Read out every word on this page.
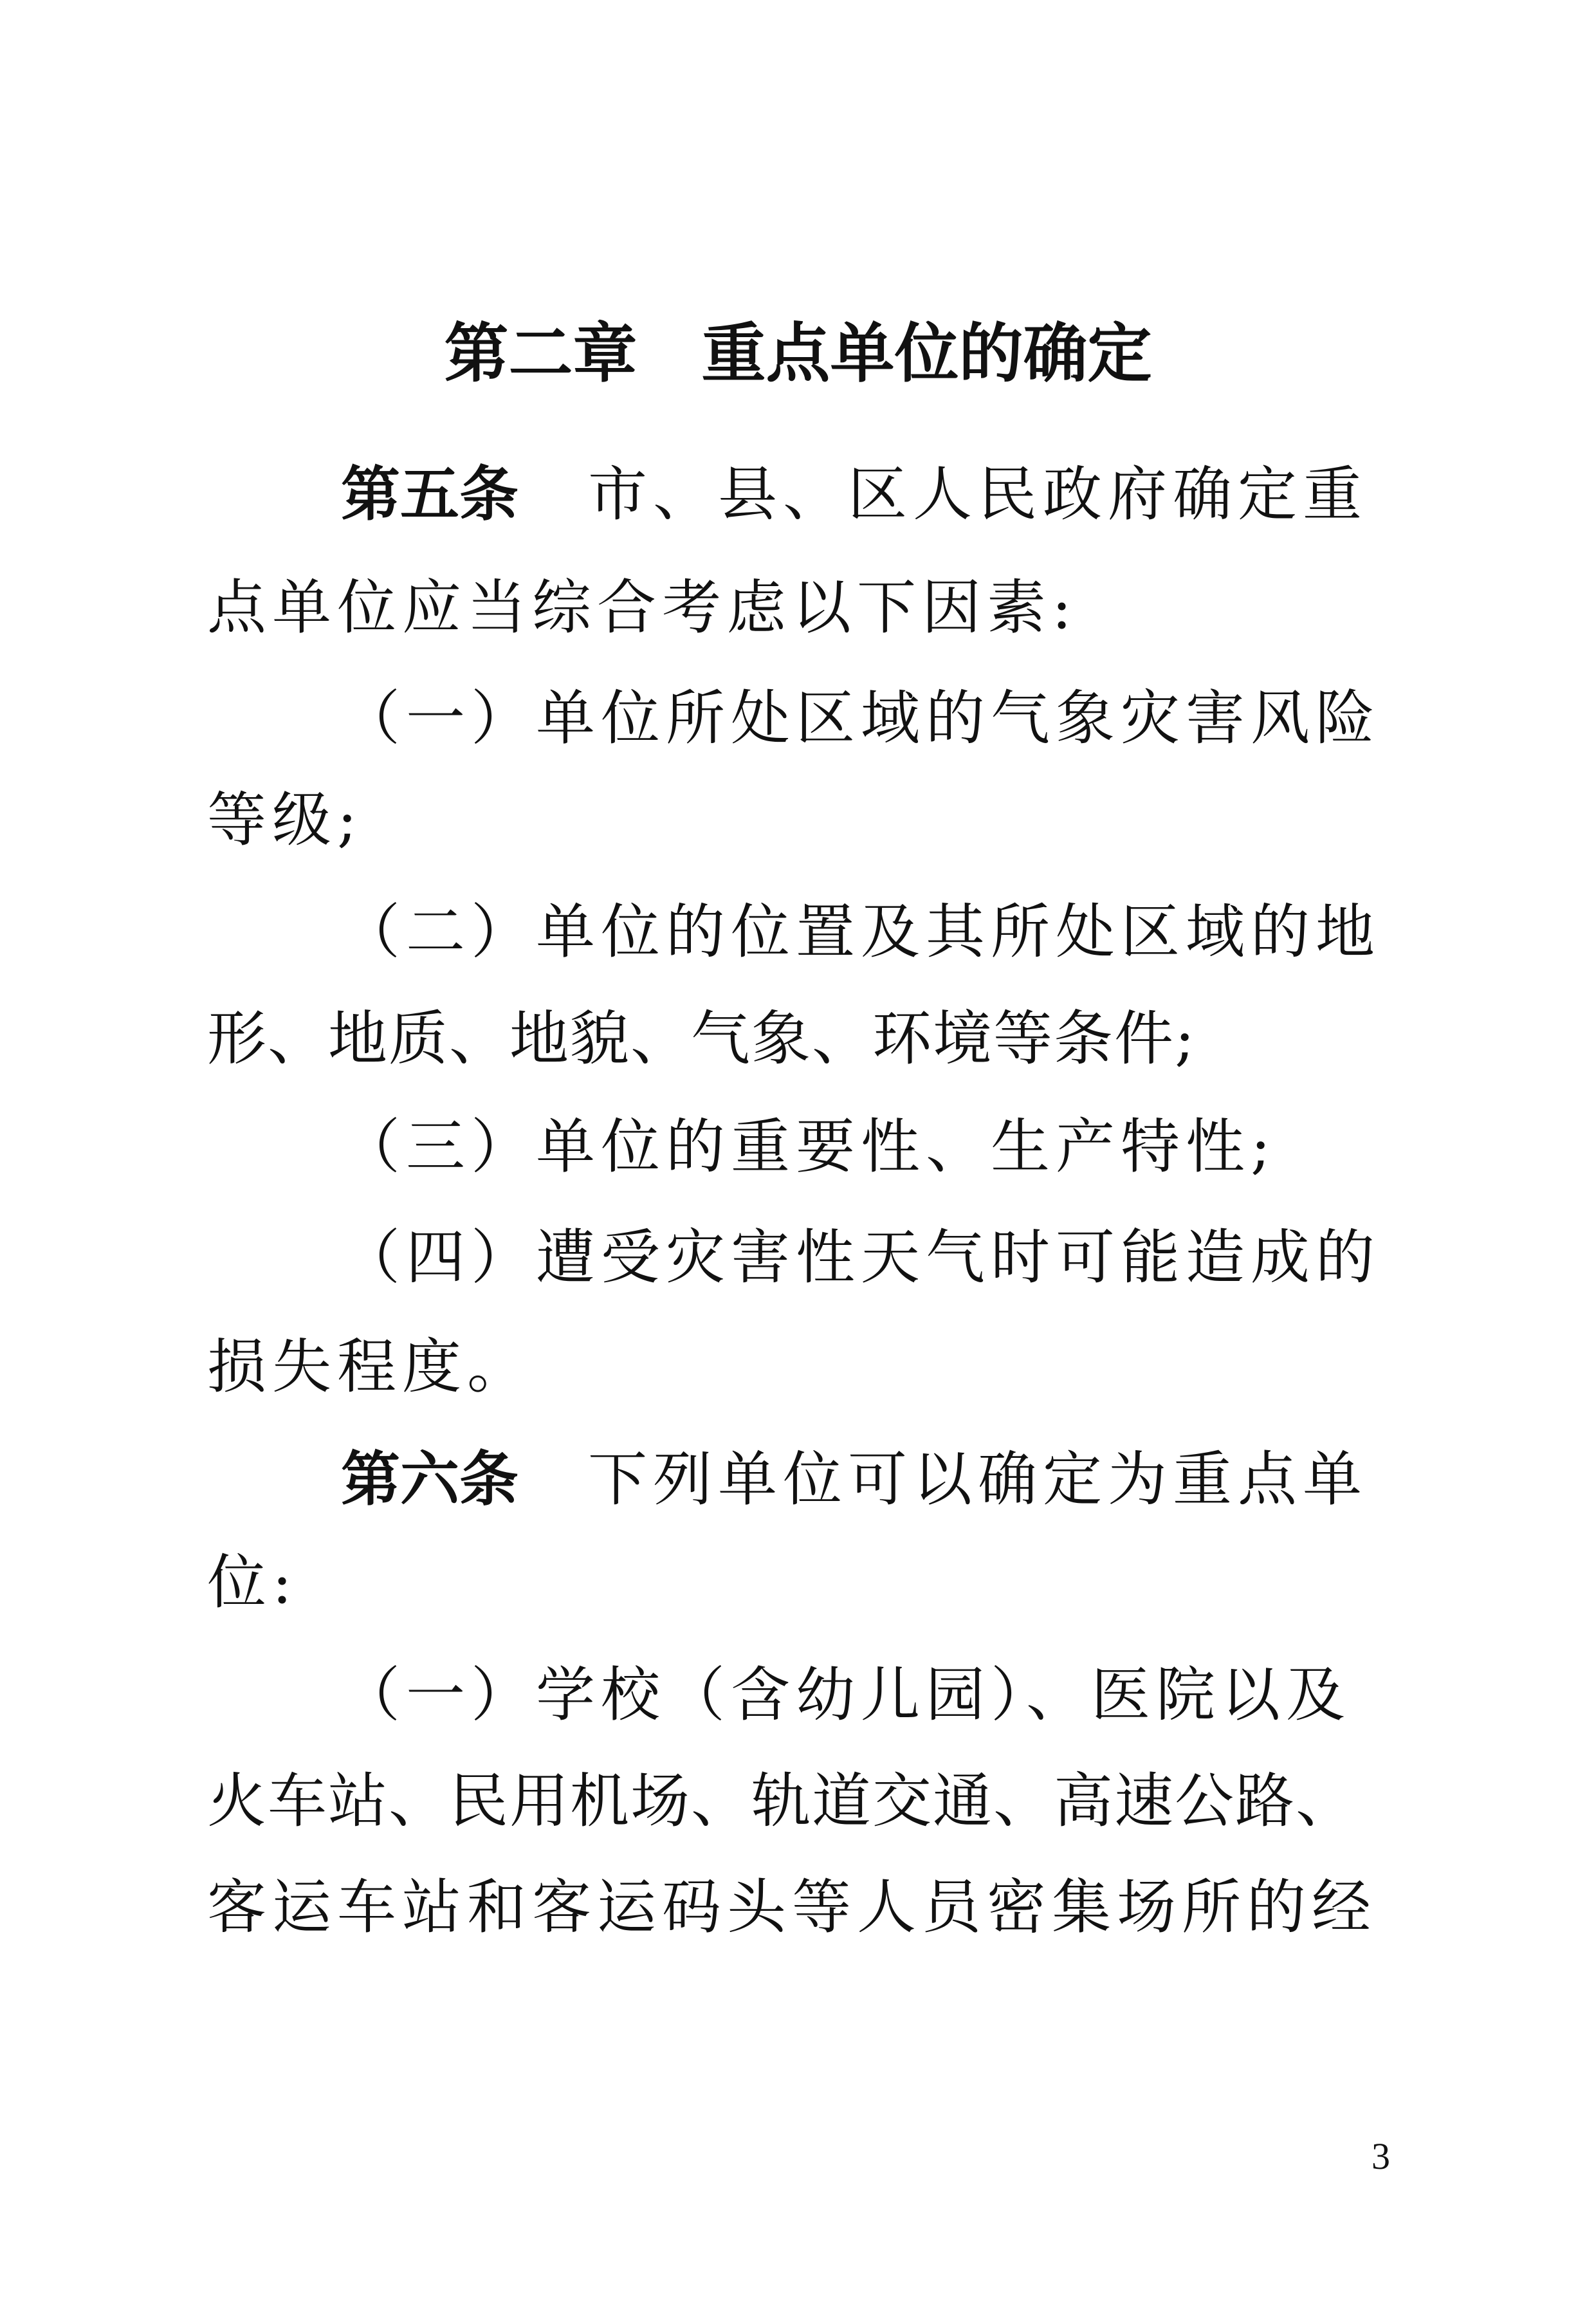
第二章　重点单位的确定
第五条 市、县、区人民政府确定重
点单位应当综合考虑以下因素:
（一）单位所处区域的气象灾害风险
等级;
（二）单位的位置及其所处区域的地
形、地质、地貌、气象、环境等条件;
（三）单位的重要性、生产特性;
（四）遭受灾害性天气时可能造成的
损失程度。
第六条 下列单位可以确定为重点单
位:
（一）学校（含幼儿园）、医院以及
火车站、民用机场、轨道交通、高速公路、
客运车站和客运码头等人员密集场所的经
3
